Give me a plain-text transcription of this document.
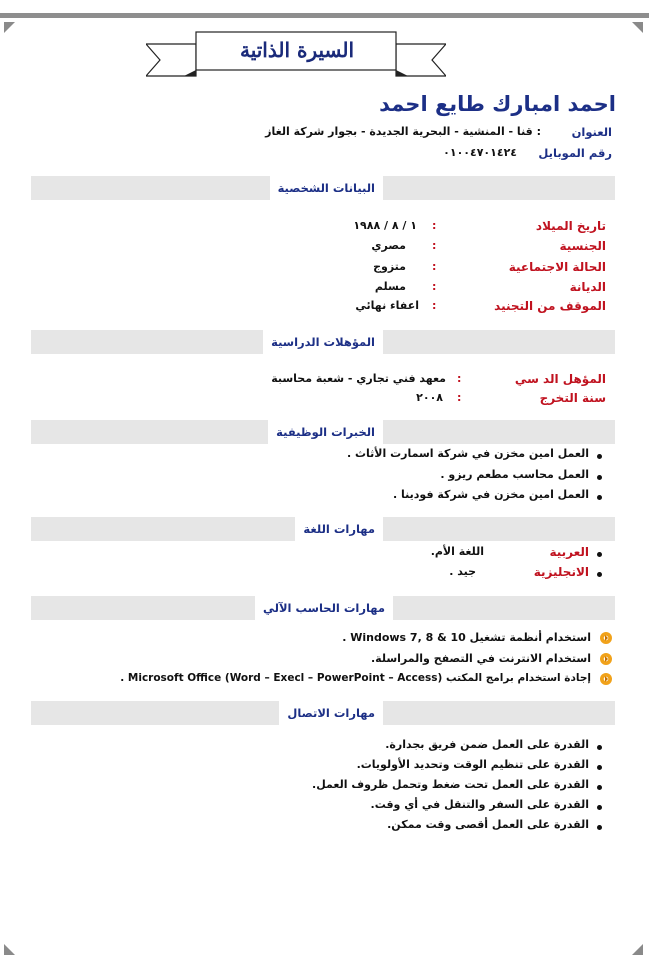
السيرة الذاتية
احمد امبارك طايع احمد
العنوان
: قنا - المنشية - البحرية الجديدة - بجوار شركة الغاز
رقم الموبايل
٠١٠٠٤٧٠١٤٢٤
البيانات الشخصية
تاريخ الميلاد
:
١ / ٨ / ١٩٨٨
الجنسية
:
مصري
الحالة الاجتماعية
:
متزوج
الديانة
:
مسلم
الموقف من التجنيد
:
اعفاء نهائي
المؤهلات الدراسية
المؤهل الد سي
:
معهد فني تجاري - شعبة محاسبة
سنة التخرج
:
٢٠٠٨
الخبرات الوظيفية
العمل امين مخزن في شركة اسمارت الأثاث .
العمل محاسب مطعم ريزو .
العمل امين مخزن في شركة فودينا .
مهارات اللغة
العربية
اللغة الأم.
الانجليزية
جيد .
مهارات الحاسب الآلي
استخدام أنظمة تشغيل Windows 7, 8 & 10 .
استخدام الانترنت في التصفح والمراسلة.
إجادة استخدام برامج المكتب (Microsoft Office (Word – Execl – PowerPoint – Access .
مهارات الاتصال
القدرة على العمل ضمن فريق بجدارة.
القدرة على تنظيم الوقت وتحديد الأولويات.
القدرة على العمل تحت ضغط وتحمل ظروف العمل.
القدرة على السفر والتنقل في أي وقت.
القدرة على العمل أقصى وقت ممكن.
